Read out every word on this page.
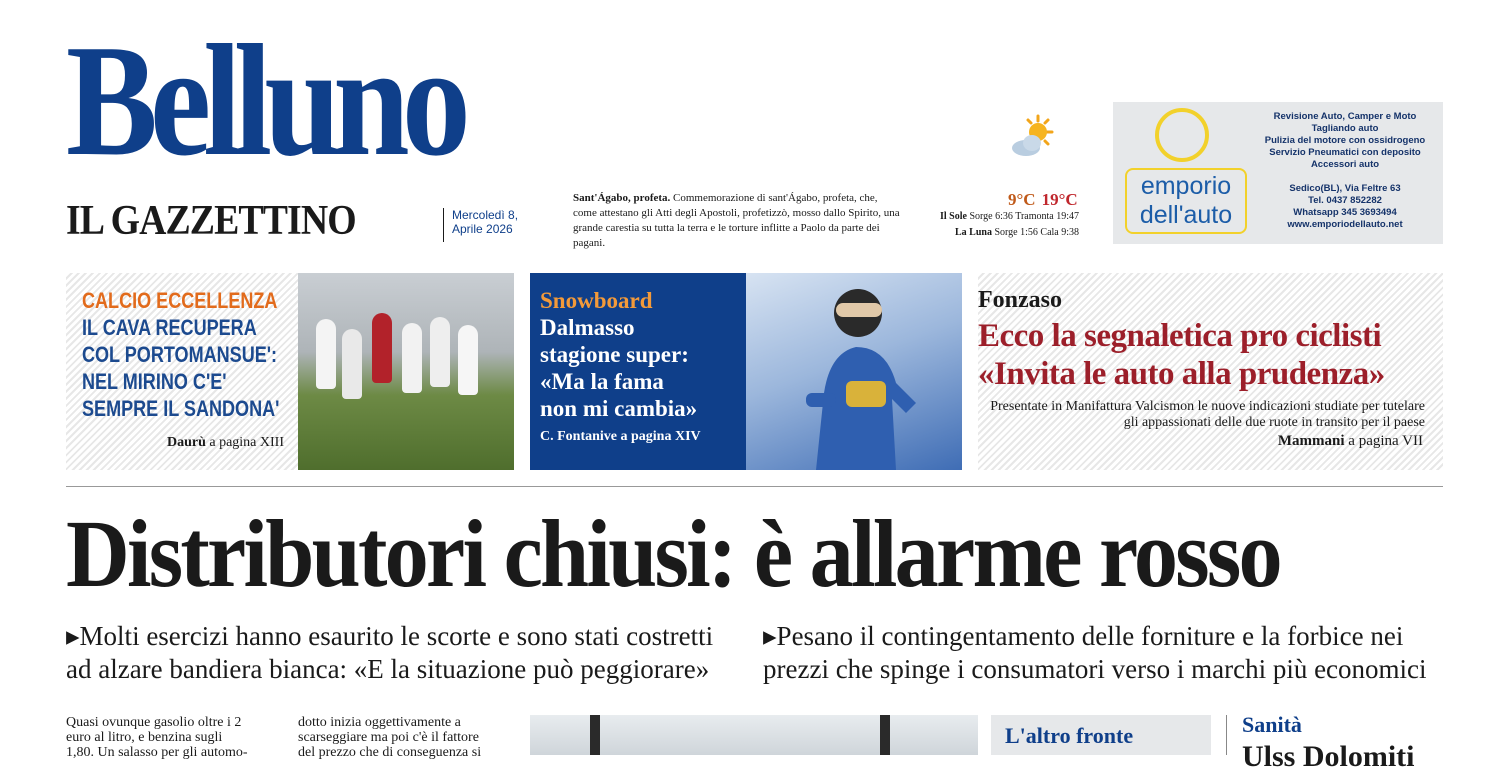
Belluno
IL GAZZETTINO	Mercoledì 8,
Aprile 2026
Sant'Ágabo, profeta. Commemorazione di sant'Ágabo, profeta, che, come attestano gli Atti degli Apostoli, profetizzò, mosso dallo Spirito, una grande carestia su tutta la terra e le torture inflitte a Paolo da parte dei pagani.
9°C 19°C
Il Sole Sorge 6:36 Tramonta 19:47
La Luna Sorge 1:56 Cala 9:38
emporio
dell'auto
Revisione Auto, Camper e Moto
Tagliando auto
Pulizia del motore con ossidrogeno
Servizio Pneumatici con deposito
Accessori auto

Sedico(BL), Via Feltre 63
Tel. 0437 852282
Whatsapp 345 3693494
www.emporiodellauto.net
CALCIO ECCELLENZA
IL CAVA RECUPERA
COL PORTOMANSUE':
NEL MIRINO C'E'
SEMPRE IL SANDONA'
Daurù a pagina XIII
Snowboard
Dalmasso
stagione super:
«Ma la fama
non mi cambia»
C. Fontanive a pagina XIV
Fonzaso
Ecco la segnaletica pro ciclisti
«Invita le auto alla prudenza»
Presentate in Manifattura Valcismon le nuove indicazioni studiate per tutelare gli appassionati delle due ruote in transito per il paese
Mammani a pagina VII
Distributori chiusi: è allarme rosso
▸Molti esercizi hanno esaurito le scorte e sono stati costretti
ad alzare bandiera bianca: «E la situazione può peggiorare»
▸Pesano il contingentamento delle forniture e la forbice nei
prezzi che spinge i consumatori verso i marchi più economici
Quasi ovunque gasolio oltre i 2
euro al litro, e benzina sugli
1,80. Un salasso per gli automo-
dotto inizia oggettivamente a
scarseggiare ma poi c'è il fattore
del prezzo che di conseguenza si
L'altro fronte	Sanità
Ulss Dolomiti
